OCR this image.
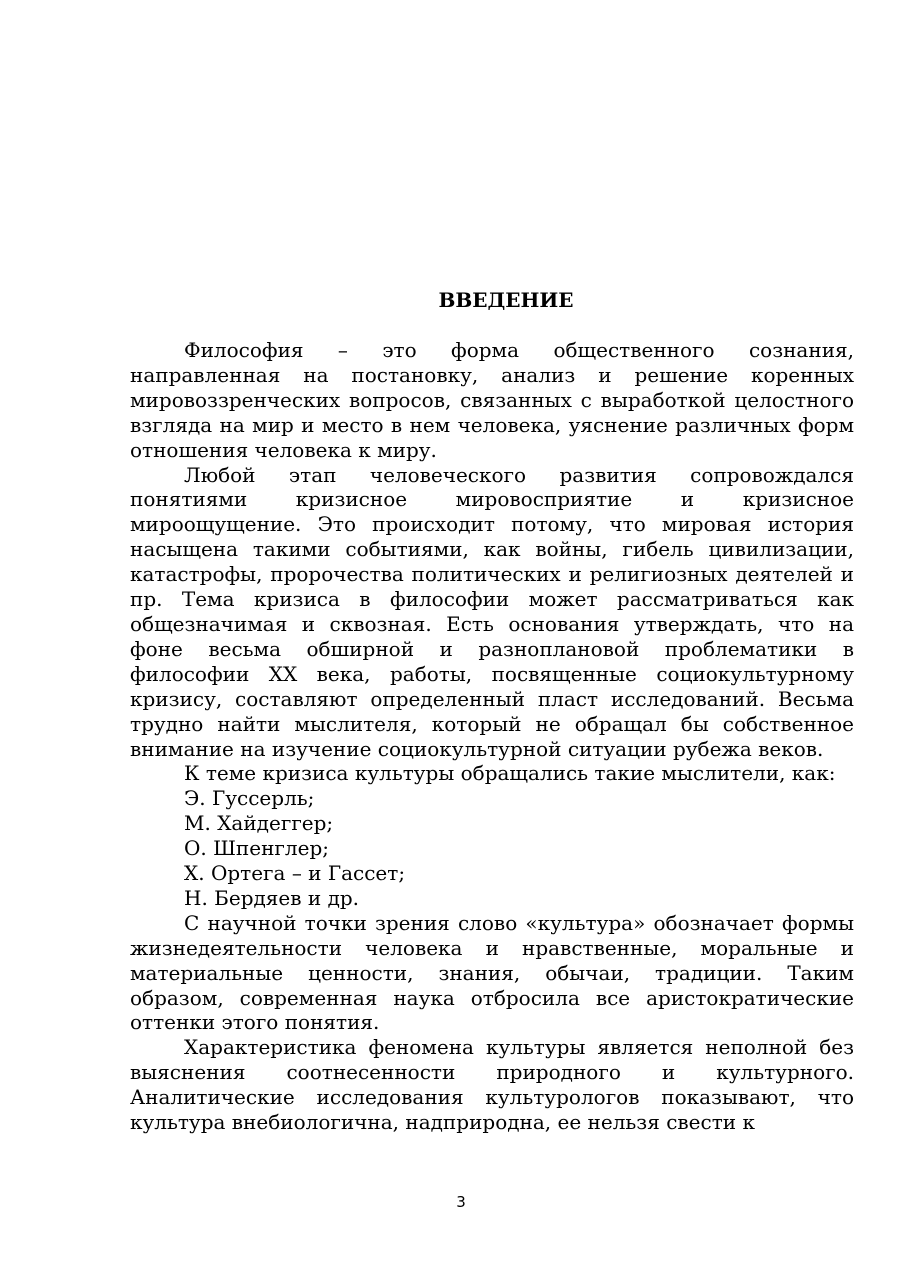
ВВЕДЕНИЕ

Философия – это форма общественного сознания, направленная на постановку, анализ и решение коренных мировоззренческих вопросов, связанных с выработкой целостного взгляда на мир и место в нем человека, уяснение различных форм отношения человека к миру.

Любой этап человеческого развития сопровождался понятиями кризисное мировосприятие и кризисное мироощущение. Это происходит потому, что мировая история насыщена такими событиями, как войны, гибель цивилизации, катастрофы, пророчества политических и религиозных деятелей и пр. Тема кризиса в философии может рассматриваться как общезначимая и сквозная. Есть основания утверждать, что на фоне весьма обширной и разноплановой проблематики в философии XX века, работы, посвященные социокультурному кризису, составляют определенный пласт исследований. Весьма трудно найти мыслителя, который не обращал бы собственное внимание на изучение социокультурной ситуации рубежа веков.

К теме кризиса культуры обращались такие мыслители, как:

Э. Гуссерль;
М. Хайдеггер;
О. Шпенглер;
Х. Ортега – и Гассет;
Н. Бердяев и др.

С научной точки зрения слово «культура» обозначает формы жизнедеятельности человека и нравственные, моральные и материальные ценности, знания, обычаи, традиции. Таким образом, современная наука отбросила все аристократические оттенки этого понятия.

Характеристика феномена культуры является неполной без выяснения соотнесенности природного и культурного. Аналитические исследования культурологов показывают, что культура внебиологична, надприродна, ее нельзя свести к

3
